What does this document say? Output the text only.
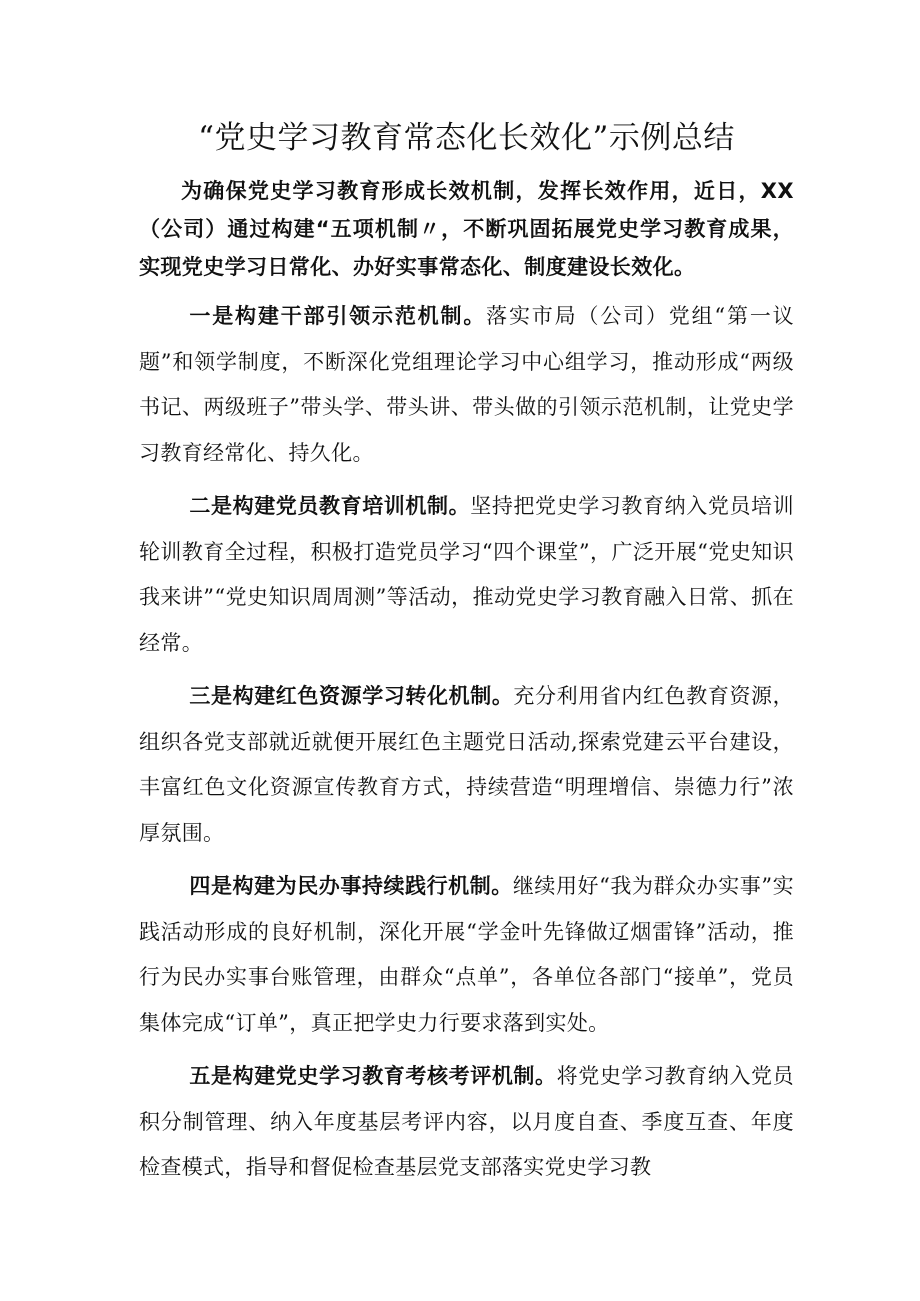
“党史学习教育常态化长效化”示例总结

为确保党史学习教育形成长效机制，发挥长效作用，近日，XX（公司）通过构建“五项机制〃，不断巩固拓展党史学习教育成果，实现党史学习日常化、办好实事常态化、制度建设长效化。

一是构建干部引领示范机制。落实市局（公司）党组“第一议题”和领学制度，不断深化党组理论学习中心组学习，推动形成“两级书记、两级班子”带头学、带头讲、带头做的引领示范机制，让党史学习教育经常化、持久化。

二是构建党员教育培训机制。坚持把党史学习教育纳入党员培训轮训教育全过程，积极打造党员学习“四个课堂”，广泛开展“党史知识我来讲”“党史知识周周测”等活动，推动党史学习教育融入日常、抓在经常。

三是构建红色资源学习转化机制。充分利用省内红色教育资源，组织各党支部就近就便开展红色主题党日活动,探索党建云平台建设，丰富红色文化资源宣传教育方式，持续营造“明理增信、崇德力行”浓厚氛围。

四是构建为民办事持续践行机制。继续用好“我为群众办实事”实践活动形成的良好机制，深化开展“学金叶先锋做辽烟雷锋”活动，推行为民办实事台账管理，由群众“点单”，各单位各部门“接单”，党员集体完成“订单”，真正把学史力行要求落到实处。

五是构建党史学习教育考核考评机制。将党史学习教育纳入党员积分制管理、纳入年度基层考评内容，以月度自查、季度互查、年度检查模式，指导和督促检查基层党支部落实党史学习教
